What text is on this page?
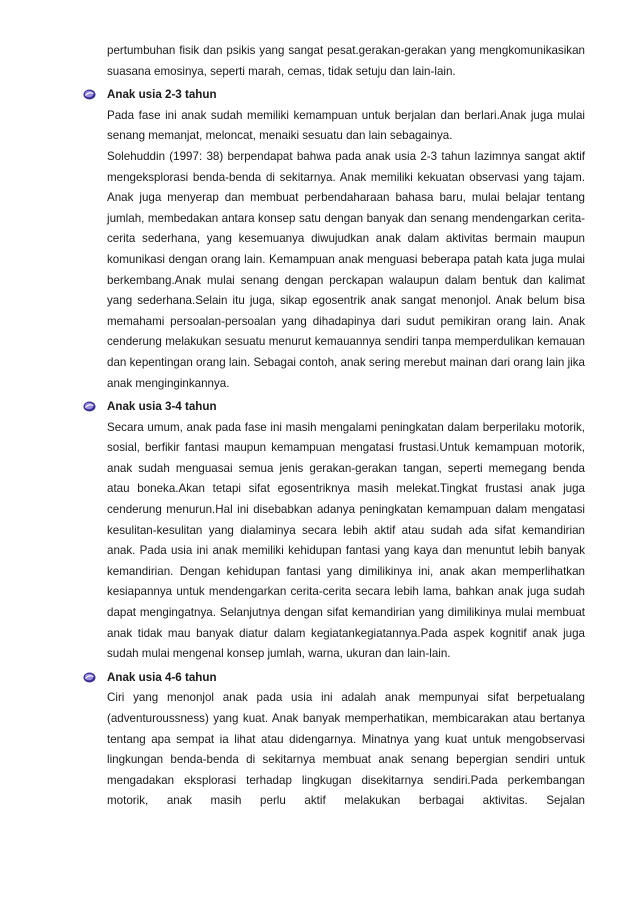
pertumbuhan fisik dan psikis yang sangat pesat.gerakan-gerakan yang mengkomunikasikan suasana emosinya, seperti marah, cemas, tidak setuju dan lain-lain.

Anak usia 2-3 tahun

Pada fase ini anak sudah memiliki kemampuan untuk berjalan dan berlari.Anak juga mulai senang memanjat, meloncat, menaiki sesuatu dan lain sebagainya.

Solehuddin (1997: 38) berpendapat bahwa pada anak usia 2-3 tahun lazimnya sangat aktif mengeksplorasi benda-benda di sekitarnya. Anak memiliki kekuatan observasi yang tajam. Anak juga menyerap dan membuat perbendaharaan bahasa baru, mulai belajar tentang jumlah, membedakan antara konsep satu dengan banyak dan senang mendengarkan cerita-cerita sederhana, yang kesemuanya diwujudkan anak dalam aktivitas bermain maupun komunikasi dengan orang lain. Kemampuan anak menguasi beberapa patah kata juga mulai berkembang.Anak mulai senang dengan perckapan walaupun dalam bentuk dan kalimat yang sederhana.Selain itu juga, sikap egosentrik anak sangat menonjol. Anak belum bisa memahami persoalan-persoalan yang dihadapinya dari sudut pemikiran orang lain. Anak cenderung melakukan sesuatu menurut kemauannya sendiri tanpa memperdulikan kemauan dan kepentingan orang lain. Sebagai contoh, anak sering merebut mainan dari orang lain jika anak menginginkannya.

Anak usia 3-4 tahun

Secara umum, anak pada fase ini masih mengalami peningkatan dalam berperilaku motorik, sosial, berfikir fantasi maupun kemampuan mengatasi frustasi.Untuk kemampuan motorik, anak sudah menguasai semua jenis gerakan-gerakan tangan, seperti memegang benda atau boneka.Akan tetapi sifat egosentriknya masih melekat.Tingkat frustasi anak juga cenderung menurun.Hal ini disebabkan adanya peningkatan kemampuan dalam mengatasi kesulitan-kesulitan yang dialaminya secara lebih aktif atau sudah ada sifat kemandirian anak. Pada usia ini anak memiliki kehidupan fantasi yang kaya dan menuntut lebih banyak kemandirian. Dengan kehidupan fantasi yang dimilikinya ini, anak akan memperlihatkan kesiapannya untuk mendengarkan cerita-cerita secara lebih lama, bahkan anak juga sudah dapat mengingatnya. Selanjutnya dengan sifat kemandirian yang dimilikinya mulai membuat anak tidak mau banyak diatur dalam kegiatankegiatannya.Pada aspek kognitif anak juga sudah mulai mengenal konsep jumlah, warna, ukuran dan lain-lain.

Anak usia 4-6 tahun

Ciri yang menonjol anak pada usia ini adalah anak mempunyai sifat berpetualang (adventuroussness) yang kuat. Anak banyak memperhatikan, membicarakan atau bertanya tentang apa sempat ia lihat atau didengarnya. Minatnya yang kuat untuk mengobservasi lingkungan benda-benda di sekitarnya membuat anak senang bepergian sendiri untuk mengadakan eksplorasi terhadap lingkugan disekitarnya sendiri.Pada perkembangan motorik, anak masih perlu aktif melakukan berbagai aktivitas. Sejalan
